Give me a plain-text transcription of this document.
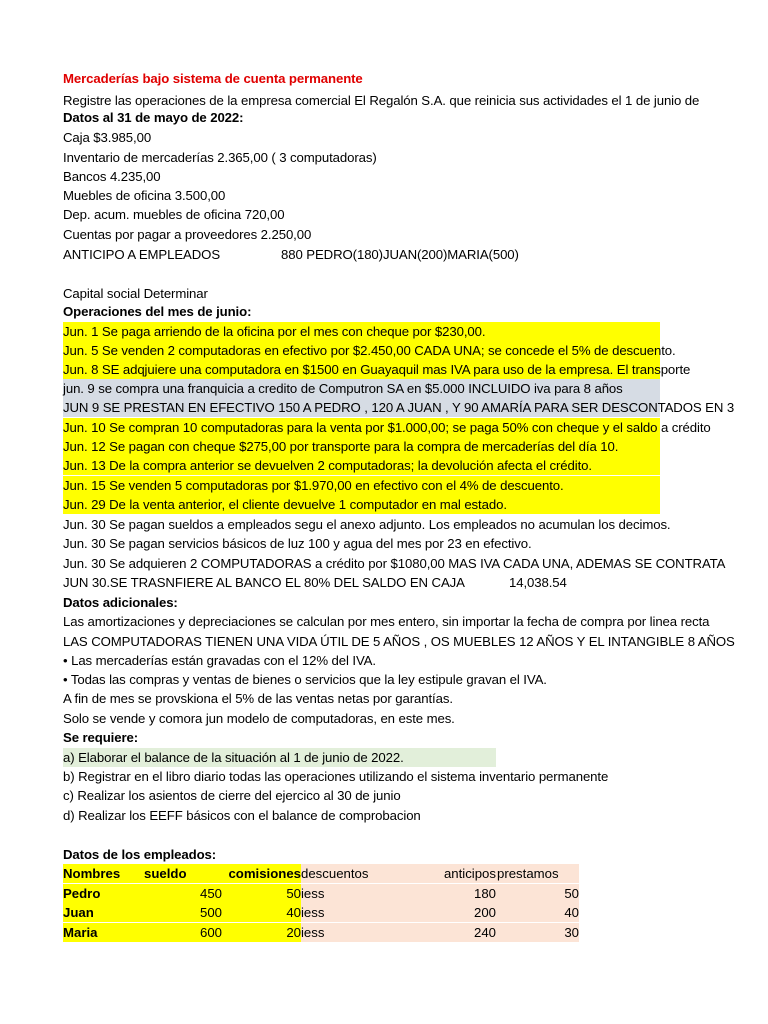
Mercaderías bajo sistema de cuenta permanente
Registre las operaciones de la empresa comercial El Regalón S.A. que reinicia sus actividades el 1 de junio de
Datos al 31 de mayo de 2022:
Caja $3.985,00
Inventario de mercaderías 2.365,00 ( 3 computadoras)
Bancos 4.235,00
Muebles de oficina 3.500,00
Dep. acum. muebles de oficina 720,00
Cuentas por pagar a proveedores 2.250,00
ANTICIPO A EMPLEADOS	880 PEDRO(180)JUAN(200)MARIA(500)
Capital social Determinar
Operaciones del mes de junio:
Jun. 1 Se paga arriendo de la oficina por el mes con cheque por $230,00.
Jun. 5 Se venden 2 computadoras en efectivo por $2.450,00 CADA UNA; se concede el 5% de descuento.
Jun. 8 SE adqjuiere una computadora en $1500 en Guayaquil mas IVA para uso de la empresa. El transporte
jun. 9 se compra una franquicia a credito de Computron SA en $5.000 INCLUIDO iva para 8 años
JUN 9 SE PRESTAN EN EFECTIVO 150 A PEDRO , 120 A JUAN , Y 90 AMARÍA PARA SER DESCONTADOS EN 3
Jun. 10 Se compran 10 computadoras para la venta por $1.000,00; se paga 50% con cheque y el saldo a crédito
Jun. 12 Se pagan con cheque $275,00 por transporte para la compra de mercaderías del día 10.
Jun. 13 De la compra anterior se devuelven 2 computadoras; la devolución afecta el crédito.
Jun. 15 Se venden 5 computadoras por $1.970,00 en efectivo con el 4% de descuento.
Jun. 29 De la venta anterior, el cliente devuelve 1 computador en mal estado.
Jun. 30 Se pagan sueldos a empleados segu el anexo adjunto. Los empleados no acumulan los decimos.
Jun. 30 Se pagan servicios básicos de luz 100 y agua del mes por 23 en efectivo.
Jun. 30 Se adquieren 2 COMPUTADORAS a crédito por $1080,00 MAS IVA CADA UNA, ADEMAS SE CONTRATA
JUN 30.SE TRASNFIERE AL BANCO EL 80% DEL SALDO EN CAJA	14,038.54
Datos adicionales:
Las amortizaciones y depreciaciones se calculan por mes entero, sin importar la fecha de compra por linea recta
LAS COMPUTADORAS TIENEN UNA VIDA ÚTIL DE 5 AÑOS , OS MUEBLES 12 AÑOS Y EL INTANGIBLE 8 AÑOS
• Las mercaderías están gravadas con el 12% del IVA.
• Todas las compras y ventas de bienes o servicios que la ley estipule gravan el IVA.
A fin de mes se provskiona el 5% de las ventas netas por garantías.
Solo se vende y comora jun modelo de computadoras, en este mes.
Se requiere:
a) Elaborar el balance de la situación al 1 de junio de 2022.
b) Registrar en el libro diario todas las operaciones utilizando el sistema inventario permanente
c) Realizar los asientos de cierre del ejercico al 30 de junio
d) Realizar los EEFF básicos con el balance de comprobacion
Datos de los empleados:
Nombres	sueldo	comisiones descuentos	anticipos prestamos
Pedro	450	50 iess	180	50
Juan	500	40 iess	200	40
Maria	600	20 iess	240	30
